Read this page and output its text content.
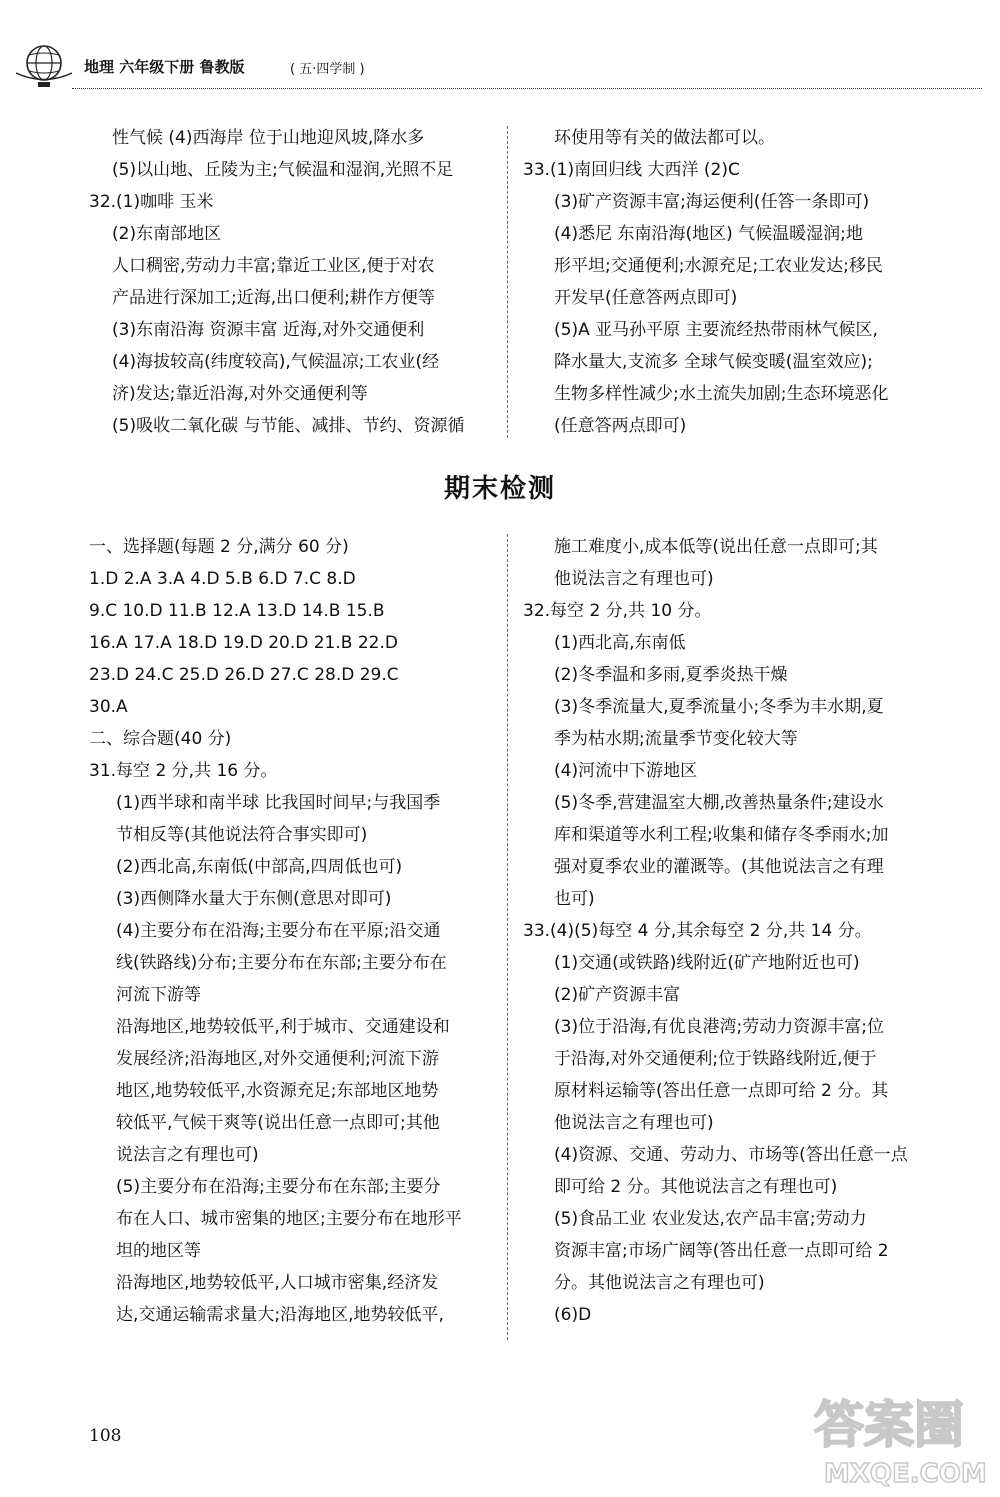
地理 六年级下册 鲁教版	( 五·四学制 )
性气候 (4)西海岸 位于山地迎风坡,降水多
(5)以山地、丘陵为主;气候温和湿润,光照不足
32.(1)咖啡 玉米
(2)东南部地区
人口稠密,劳动力丰富;靠近工业区,便于对农
产品进行深加工;近海,出口便利;耕作方便等
(3)东南沿海 资源丰富 近海,对外交通便利
(4)海拔较高(纬度较高),气候温凉;工农业(经
济)发达;靠近沿海,对外交通便利等
(5)吸收二氧化碳 与节能、减排、节约、资源循
环使用等有关的做法都可以。
33.(1)南回归线 大西洋 (2)C
(3)矿产资源丰富;海运便利(任答一条即可)
(4)悉尼 东南沿海(地区) 气候温暖湿润;地
形平坦;交通便利;水源充足;工农业发达;移民
开发早(任意答两点即可)
(5)A 亚马孙平原 主要流经热带雨林气候区,
降水量大,支流多 全球气候变暖(温室效应);
生物多样性减少;水土流失加剧;生态环境恶化
(任意答两点即可)
期末检测
一、选择题(每题 2 分,满分 60 分)
1.D 2.A 3.A 4.D 5.B 6.D 7.C 8.D
9.C 10.D 11.B 12.A 13.D 14.B 15.B
16.A 17.A 18.D 19.D 20.D 21.B 22.D
23.D 24.C 25.D 26.D 27.C 28.D 29.C
30.A
二、综合题(40 分)
31.每空 2 分,共 16 分。
(1)西半球和南半球 比我国时间早;与我国季
节相反等(其他说法符合事实即可)
(2)西北高,东南低(中部高,四周低也可)
(3)西侧降水量大于东侧(意思对即可)
(4)主要分布在沿海;主要分布在平原;沿交通
线(铁路线)分布;主要分布在东部;主要分布在
河流下游等
沿海地区,地势较低平,利于城市、交通建设和
发展经济;沿海地区,对外交通便利;河流下游
地区,地势较低平,水资源充足;东部地区地势
较低平,气候干爽等(说出任意一点即可;其他
说法言之有理也可)
(5)主要分布在沿海;主要分布在东部;主要分
布在人口、城市密集的地区;主要分布在地形平
坦的地区等
沿海地区,地势较低平,人口城市密集,经济发
达,交通运输需求量大;沿海地区,地势较低平,
施工难度小,成本低等(说出任意一点即可;其
他说法言之有理也可)
32.每空 2 分,共 10 分。
(1)西北高,东南低
(2)冬季温和多雨,夏季炎热干燥
(3)冬季流量大,夏季流量小;冬季为丰水期,夏
季为枯水期;流量季节变化较大等
(4)河流中下游地区
(5)冬季,营建温室大棚,改善热量条件;建设水
库和渠道等水利工程;收集和储存冬季雨水;加
强对夏季农业的灌溉等。(其他说法言之有理
也可)
33.(4)(5)每空 4 分,其余每空 2 分,共 14 分。
(1)交通(或铁路)线附近(矿产地附近也可)
(2)矿产资源丰富
(3)位于沿海,有优良港湾;劳动力资源丰富;位
于沿海,对外交通便利;位于铁路线附近,便于
原材料运输等(答出任意一点即可给 2 分。其
他说法言之有理也可)
(4)资源、交通、劳动力、市场等(答出任意一点
即可给 2 分。其他说法言之有理也可)
(5)食品工业 农业发达,农产品丰富;劳动力
资源丰富;市场广阔等(答出任意一点即可给 2
分。其他说法言之有理也可)
(6)D
108	答案圈
MXQE.COM
